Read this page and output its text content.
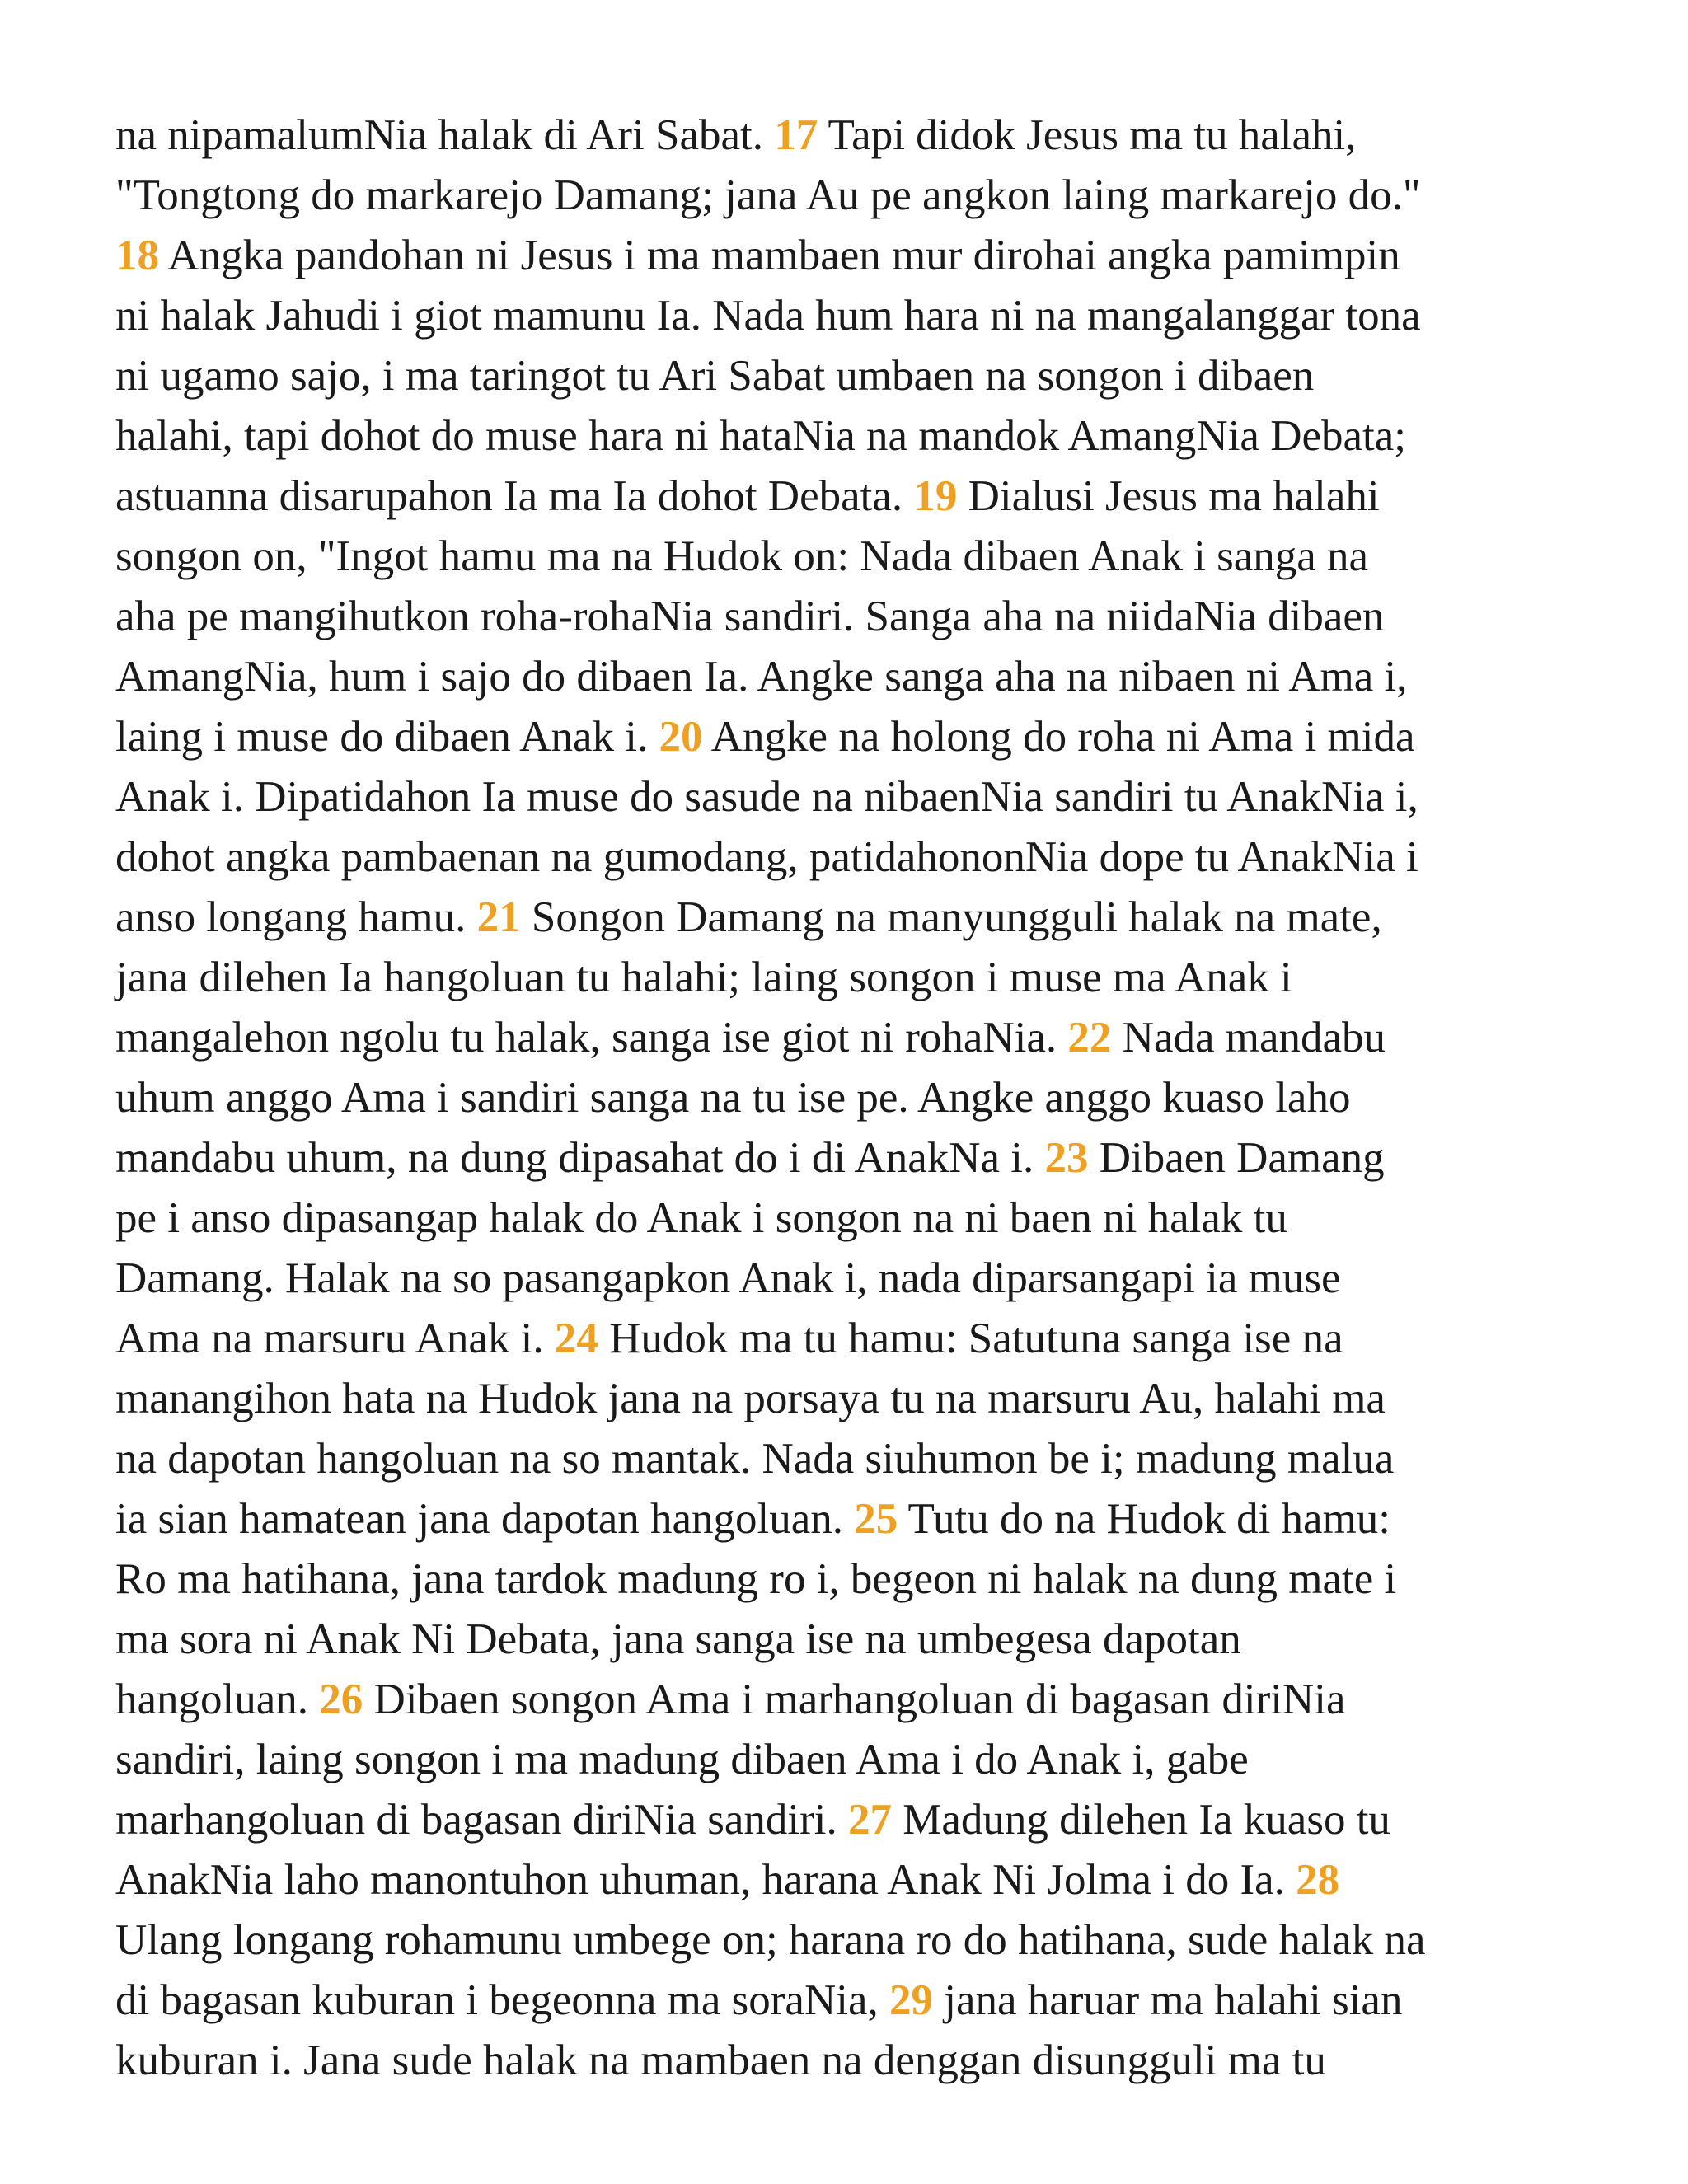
na nipamalumNia halak di Ari Sabat. 17 Tapi didok Jesus ma tu halahi,
"Tongtong do markarejo Damang; jana Au pe angkon laing markarejo do."
18 Angka pandohan ni Jesus i ma mambaen mur dirohai angka pamimpin
ni halak Jahudi i giot mamunu Ia. Nada hum hara ni na mangalanggar tona
ni ugamo sajo, i ma taringot tu Ari Sabat umbaen na songon i dibaen
halahi, tapi dohot do muse hara ni hataNia na mandok AmangNia Debata;
astuanna disarupahon Ia ma Ia dohot Debata. 19 Dialusi Jesus ma halahi
songon on, "Ingot hamu ma na Hudok on: Nada dibaen Anak i sanga na
aha pe mangihutkon roha-rohaNia sandiri. Sanga aha na niidaNia dibaen
AmangNia, hum i sajo do dibaen Ia. Angke sanga aha na nibaen ni Ama i,
laing i muse do dibaen Anak i. 20 Angke na holong do roha ni Ama i mida
Anak i. Dipatidahon Ia muse do sasude na nibaenNia sandiri tu AnakNia i,
dohot angka pambaenan na gumodang, patidahononNia dope tu AnakNia i
anso longang hamu. 21 Songon Damang na manyungguli halak na mate,
jana dilehen Ia hangoluan tu halahi; laing songon i muse ma Anak i
mangalehon ngolu tu halak, sanga ise giot ni rohaNia. 22 Nada mandabu
uhum anggo Ama i sandiri sanga na tu ise pe. Angke anggo kuaso laho
mandabu uhum, na dung dipasahat do i di AnakNa i. 23 Dibaen Damang
pe i anso dipasangap halak do Anak i songon na ni baen ni halak tu
Damang. Halak na so pasangapkon Anak i, nada diparsangapi ia muse
Ama na marsuru Anak i. 24 Hudok ma tu hamu: Satutuna sanga ise na
manangihon hata na Hudok jana na porsaya tu na marsuru Au, halahi ma
na dapotan hangoluan na so mantak. Nada siuhumon be i; madung malua
ia sian hamatean jana dapotan hangoluan. 25 Tutu do na Hudok di hamu:
Ro ma hatihana, jana tardok madung ro i, begeon ni halak na dung mate i
ma sora ni Anak Ni Debata, jana sanga ise na umbegesa dapotan
hangoluan. 26 Dibaen songon Ama i marhangoluan di bagasan diriNia
sandiri, laing songon i ma madung dibaen Ama i do Anak i, gabe
marhangoluan di bagasan diriNia sandiri. 27 Madung dilehen Ia kuaso tu
AnakNia laho manontuhon uhuman, harana Anak Ni Jolma i do Ia. 28
Ulang longang rohamunu umbege on; harana ro do hatihana, sude halak na
di bagasan kuburan i begeonna ma soraNia, 29 jana haruar ma halahi sian
kuburan i. Jana sude halak na mambaen na denggan disungguli ma tu
